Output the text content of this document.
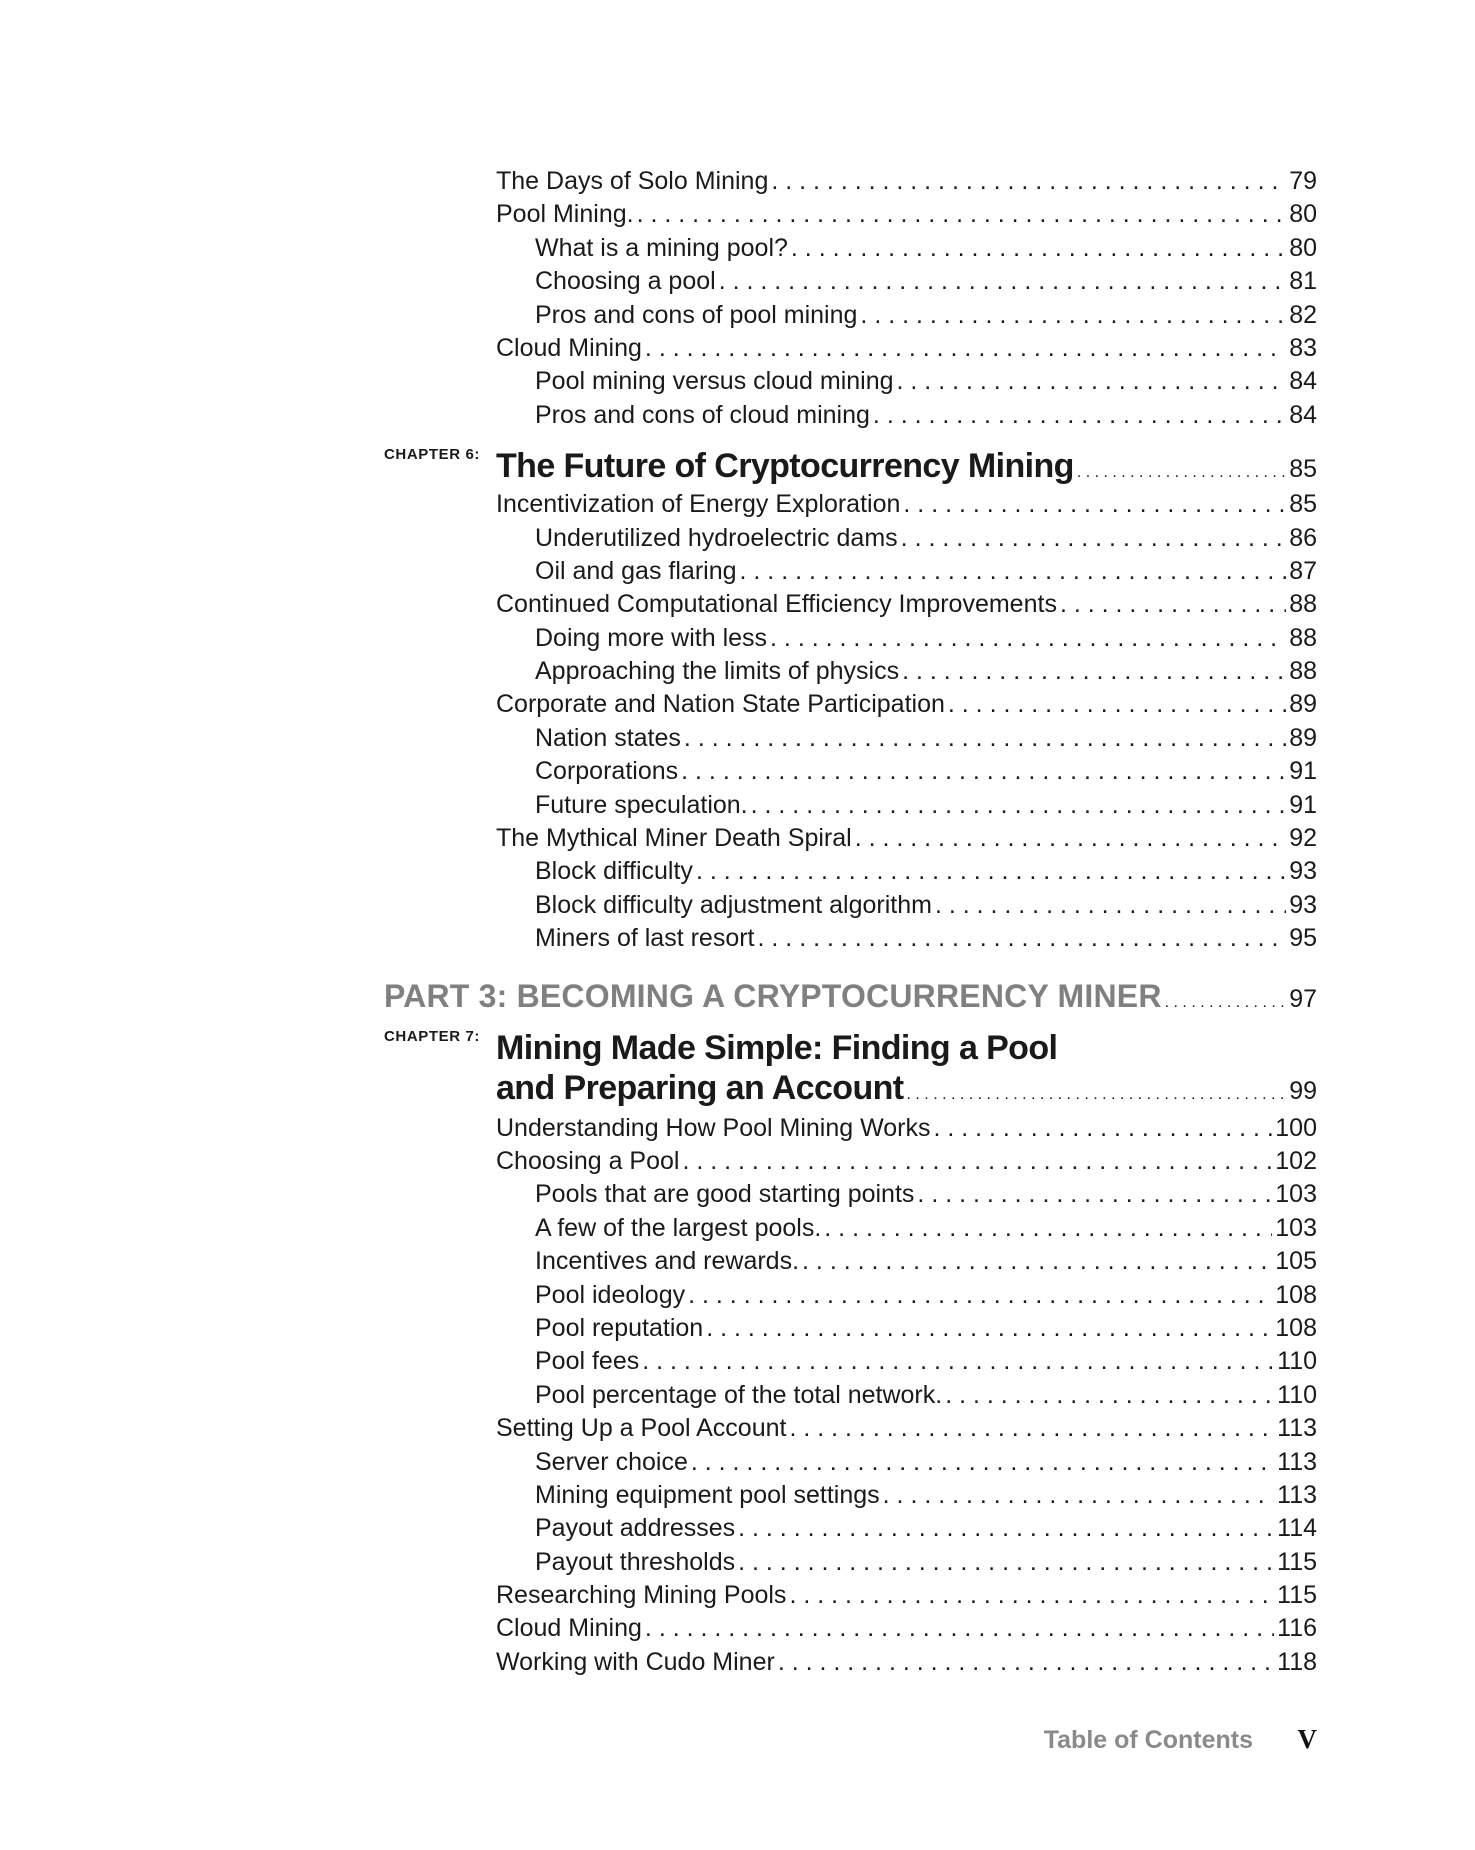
The Days of Solo Mining . . .	79
Pool Mining. . . .	80
What is a mining pool? . . .	80
Choosing a pool . . .	81
Pros and cons of pool mining . . .	82
Cloud Mining . . .	83
Pool mining versus cloud mining . . .	84
Pros and cons of cloud mining . . .	84
CHAPTER 6: The Future of Cryptocurrency Mining . . .	85
Incentivization of Energy Exploration . . .	85
Underutilized hydroelectric dams . . .	86
Oil and gas flaring . . .	87
Continued Computational Efficiency Improvements . . .	88
Doing more with less . . .	88
Approaching the limits of physics . . .	88
Corporate and Nation State Participation . . .	89
Nation states . . .	89
Corporations . . .	91
Future speculation. . . .	91
The Mythical Miner Death Spiral . . .	92
Block difficulty . . .	93
Block difficulty adjustment algorithm . . .	93
Miners of last resort . . .	95
PART 3: BECOMING A CRYPTOCURRENCY MINER . . .	97
CHAPTER 7: Mining Made Simple: Finding a Pool
and Preparing an Account . . .	99
Understanding How Pool Mining Works . . .	100
Choosing a Pool . . .	102
Pools that are good starting points . . .	103
A few of the largest pools. . . .	103
Incentives and rewards. . . .	105
Pool ideology . . .	108
Pool reputation . . .	108
Pool fees . . .	110
Pool percentage of the total network. . . .	110
Setting Up a Pool Account . . .	113
Server choice . . .	113
Mining equipment pool settings . . .	113
Payout addresses . . .	114
Payout thresholds . . .	115
Researching Mining Pools . . .	115
Cloud Mining . . .	116
Working with Cudo Miner . . .	118
Table of Contents V
